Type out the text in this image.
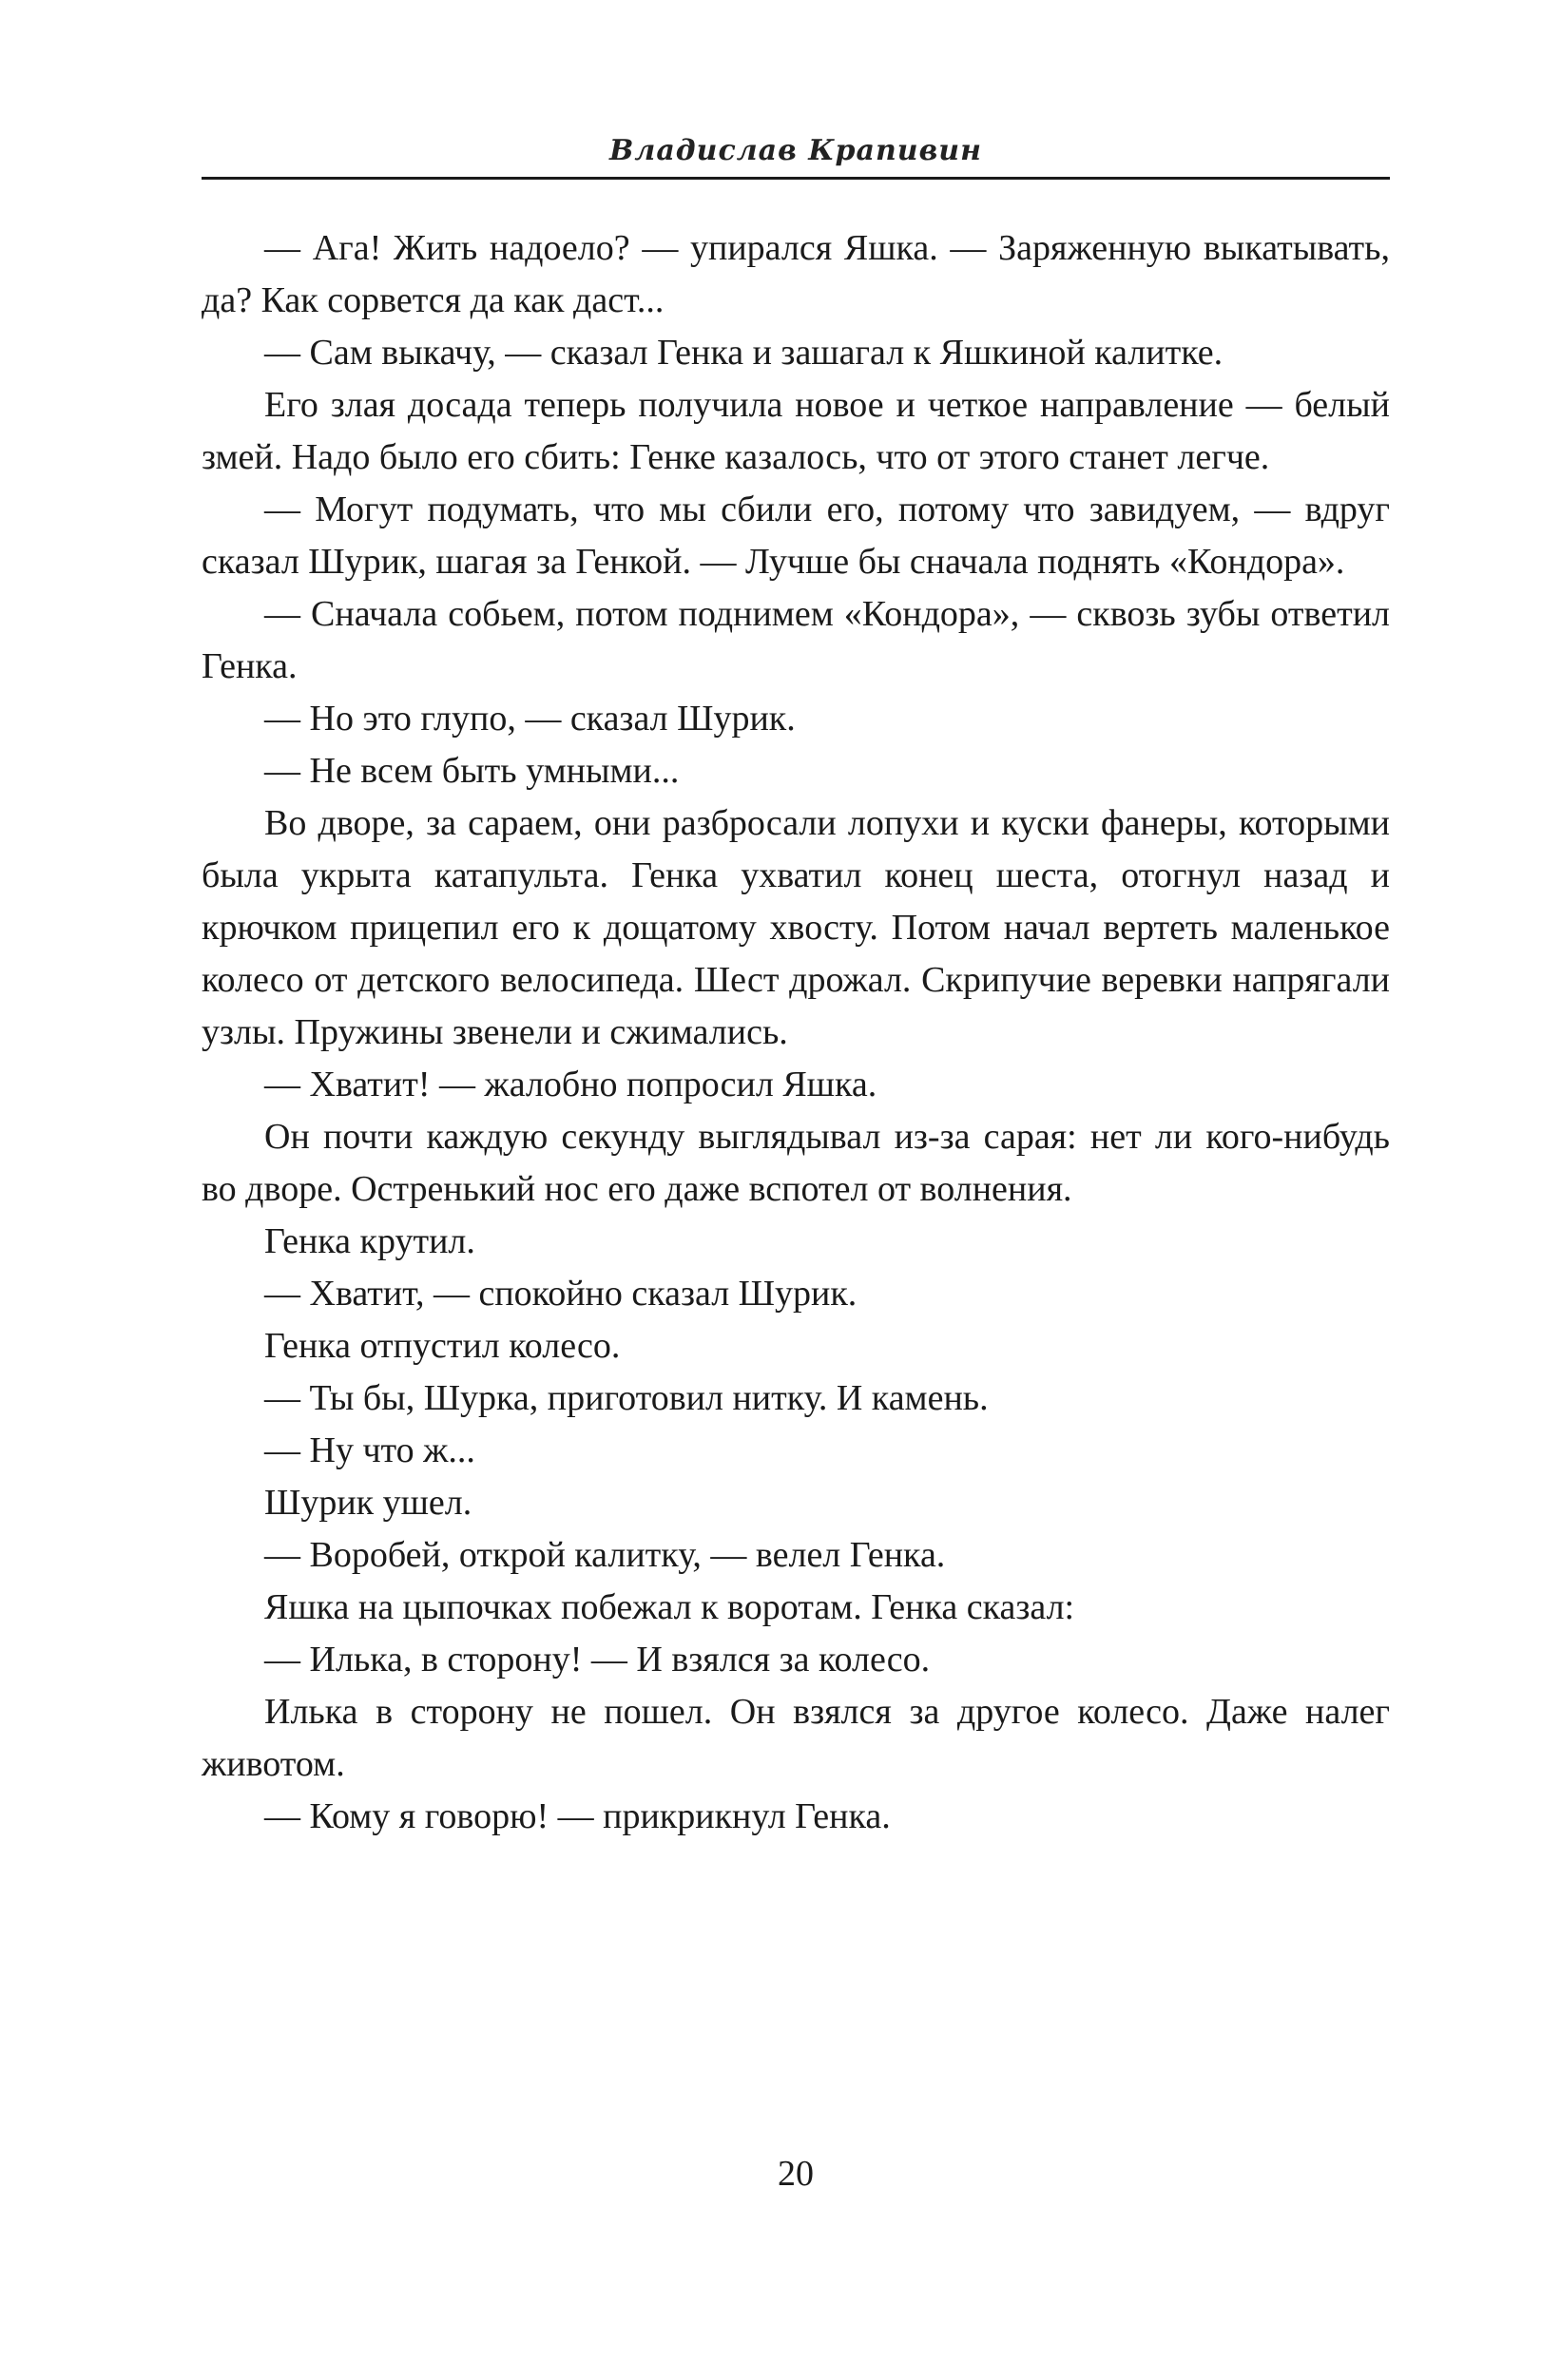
Владислав Крапивин

— Ага! Жить надоело? — упирался Яшка. — Заряженную выкатывать, да? Как сорвется да как даст...

— Сам выкачу, — сказал Генка и зашагал к Яшкиной калитке.

Его злая досада теперь получила новое и четкое направление — белый змей. Надо было его сбить: Генке казалось, что от этого станет легче.

— Могут подумать, что мы сбили его, потому что завидуем, — вдруг сказал Шурик, шагая за Генкой. — Лучше бы сначала поднять «Кондора».

— Сначала собьем, потом поднимем «Кондора», — сквозь зубы ответил Генка.

— Но это глупо, — сказал Шурик.

— Не всем быть умными...

Во дворе, за сараем, они разбросали лопухи и куски фанеры, которыми была укрыта катапульта. Генка ухватил конец шеста, отогнул назад и крючком прицепил его к дощатому хвосту. Потом начал вертеть маленькое колесо от детского велосипеда. Шест дрожал. Скрипучие веревки напрягали узлы. Пружины звенели и сжимались.

— Хватит! — жалобно попросил Яшка.

Он почти каждую секунду выглядывал из-за сарая: нет ли кого-нибудь во дворе. Остренький нос его даже вспотел от волнения.

Генка крутил.

— Хватит, — спокойно сказал Шурик.

Генка отпустил колесо.

— Ты бы, Шурка, приготовил нитку. И камень.

— Ну что ж...

Шурик ушел.

— Воробей, открой калитку, — велел Генка.

Яшка на цыпочках побежал к воротам. Генка сказал:

— Илька, в сторону! — И взялся за колесо.

Илька в сторону не пошел. Он взялся за другое колесо. Даже налег животом.

— Кому я говорю! — прикрикнул Генка.

20
